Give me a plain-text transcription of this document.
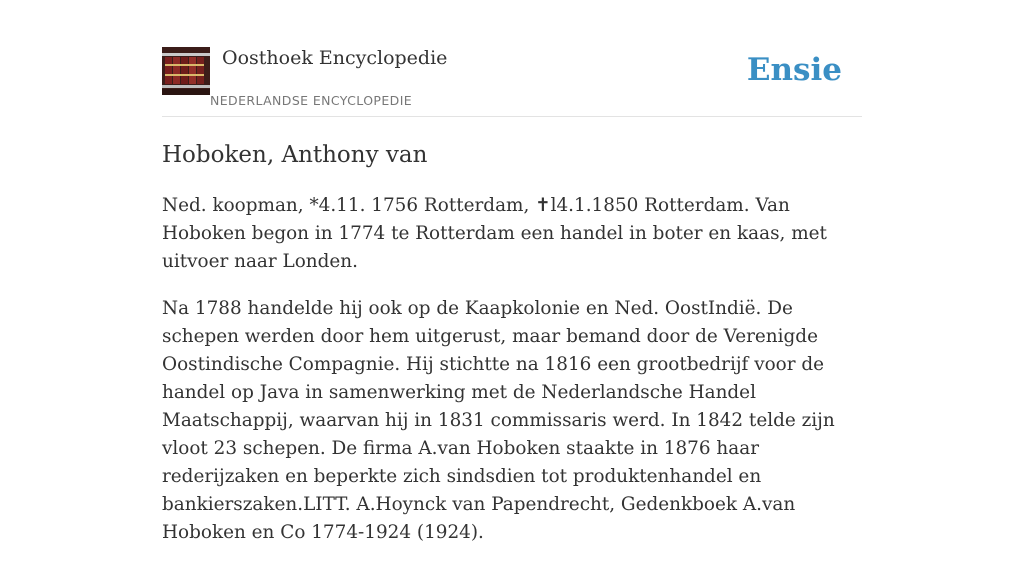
Oosthoek Encyclopedie
NEDERLANDSE ENCYCLOPEDIE
Ensie
Hoboken, Anthony van

Ned. koopman, *4.11. 1756 Rotterdam, ✝l4.1.1850 Rotterdam. Van Hoboken begon in 1774 te Rotterdam een handel in boter en kaas, met uitvoer naar Londen.

Na 1788 handelde hij ook op de Kaapkolonie en Ned. OostIndië. De schepen werden door hem uitgerust, maar bemand door de Verenigde Oostindische Compagnie. Hij stichtte na 1816 een grootbedrijf voor de handel op Java in samenwerking met de Nederlandsche Handel Maatschappij, waarvan hij in 1831 commissaris werd. In 1842 telde zijn vloot 23 schepen. De firma A.van Hoboken staakte in 1876 haar rederijzaken en beperkte zich sindsdien tot produktenhandel en bankierszaken.LITT. A.Hoynck van Papendrecht, Gedenkboek A.van Hoboken en Co 1774-1924 (1924).
